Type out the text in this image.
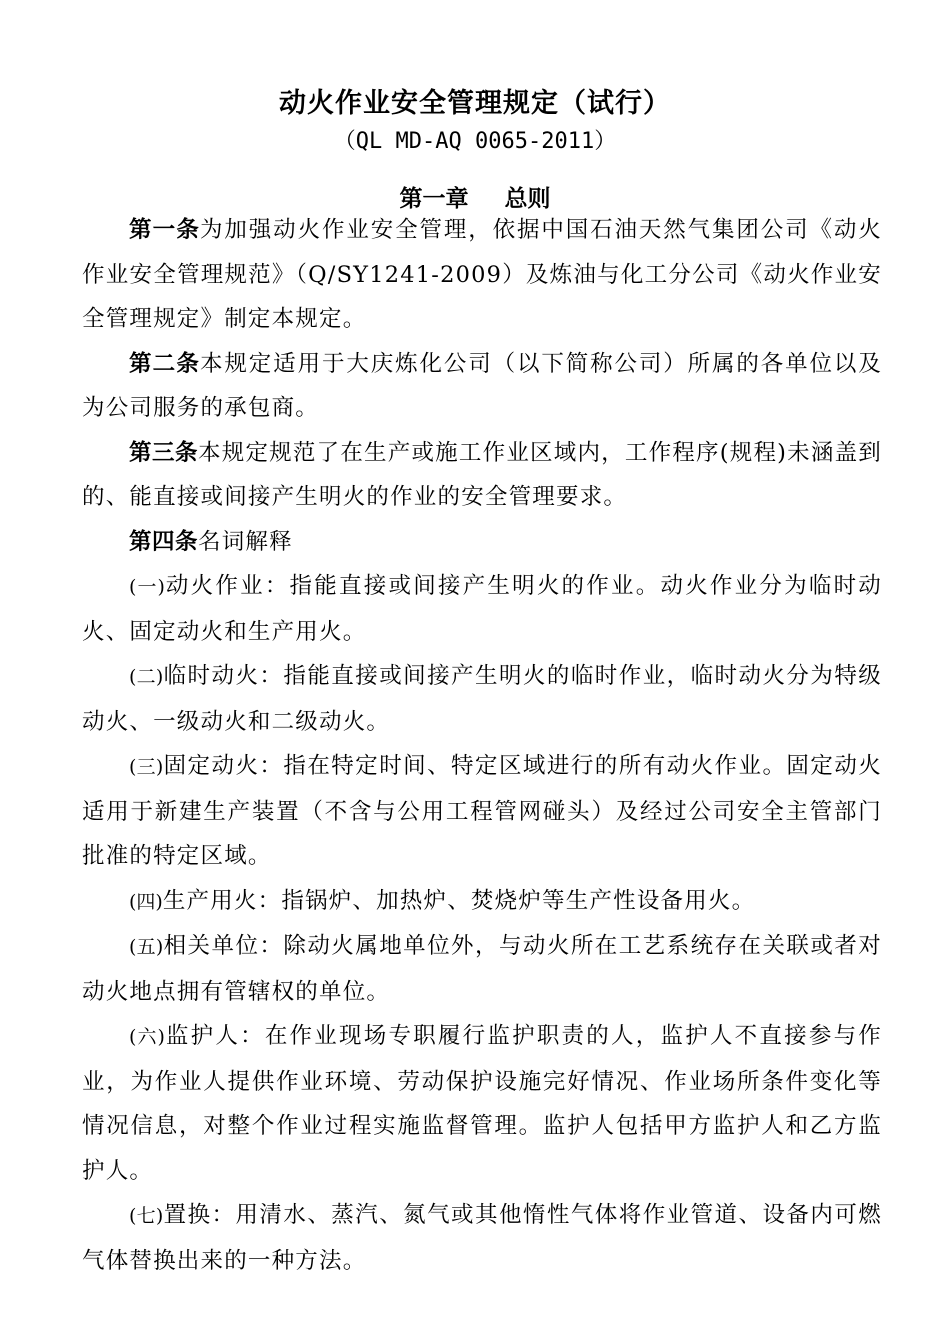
动火作业安全管理规定（试行）
（QL MD-AQ 0065-2011）
第一章 总则

第一条为加强动火作业安全管理，依据中国石油天然气集团公司《动火作业安全管理规范》（Q/SY1241-2009）及炼油与化工分公司《动火作业安全管理规定》制定本规定。

第二条本规定适用于大庆炼化公司（以下简称公司）所属的各单位以及为公司服务的承包商。

第三条本规定规范了在生产或施工作业区域内，工作程序(规程)未涵盖到的、能直接或间接产生明火的作业的安全管理要求。

第四条名词解释

(一)动火作业：指能直接或间接产生明火的作业。动火作业分为临时动火、固定动火和生产用火。

(二)临时动火：指能直接或间接产生明火的临时作业，临时动火分为特级动火、一级动火和二级动火。

(三)固定动火：指在特定时间、特定区域进行的所有动火作业。固定动火适用于新建生产装置（不含与公用工程管网碰头）及经过公司安全主管部门批准的特定区域。

(四)生产用火：指锅炉、加热炉、焚烧炉等生产性设备用火。

(五)相关单位：除动火属地单位外，与动火所在工艺系统存在关联或者对动火地点拥有管辖权的单位。

(六)监护人：在作业现场专职履行监护职责的人，监护人不直接参与作业，为作业人提供作业环境、劳动保护设施完好情况、作业场所条件变化等情况信息，对整个作业过程实施监督管理。监护人包括甲方监护人和乙方监护人。

(七)置换：用清水、蒸汽、氮气或其他惰性气体将作业管道、设备内可燃气体替换出来的一种方法。
